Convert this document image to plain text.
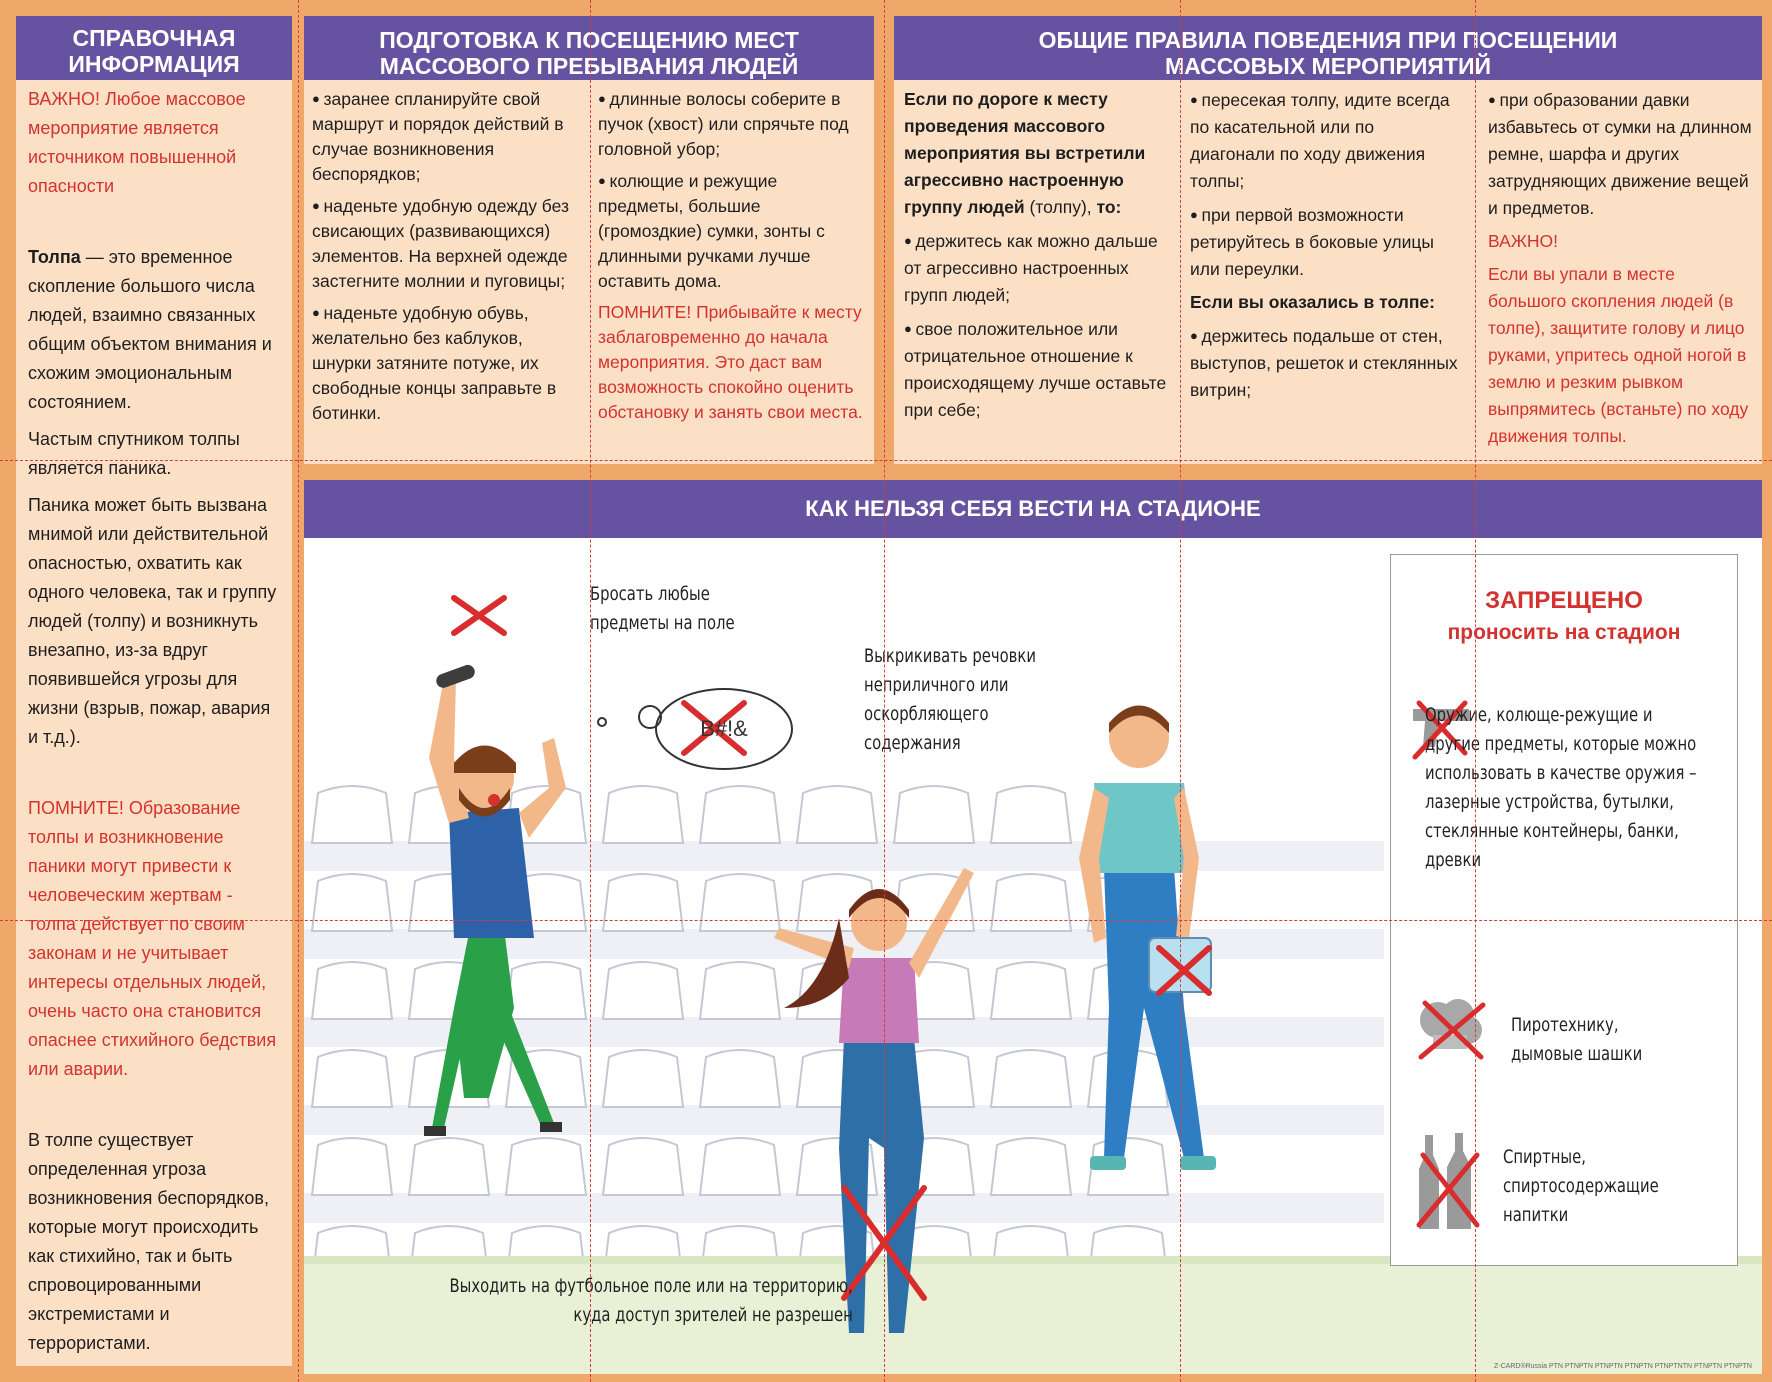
СПРАВОЧНАЯ ИНФОРМАЦИЯ

ВАЖНО! Любое массовое мероприятие является источником повышенной опасности

Толпа — это временное скопление большого числа людей, взаимно связанных общим объектом внимания и схожим эмоциональным состоянием.

Частым спутником толпы является паника.

Паника может быть вызвана мнимой или действительной опасностью, охватить как одного человека, так и группу людей (толпу) и возникнуть внезапно, из-за вдруг появившейся угрозы для жизни (взрыв, пожар, авария и т.д.).

ПОМНИТЕ! Образование толпы и возникновение паники могут привести к человеческим жертвам - толпа действует по своим законам и не учитывает интересы отдельных людей, очень часто она становится опаснее стихийного бедствия или аварии.

В толпе существует определенная угроза возникновения беспорядков, которые могут происходить как стихийно, так и быть спровоцированными экстремистами и террористами.

ПОДГОТОВКА К ПОСЕЩЕНИЮ МЕСТ МАССОВОГО ПРЕБЫВАНИЯ ЛЮДЕЙ

● заранее спланируйте свой маршрут и порядок действий в случае возникновения беспорядков;

● наденьте удобную одежду без свисающих (развивающихся) элементов. На верхней одежде застегните молнии и пуговицы;

● наденьте удобную обувь, желательно без каблуков, шнурки затяните потуже, их свободные концы заправьте в ботинки.

● длинные волосы соберите в пучок (хвост) или спрячьте под головной убор;

● колющие и режущие предметы, большие (громоздкие) сумки, зонты с длинными ручками лучше оставить дома.

ПОМНИТЕ! Прибывайте к месту заблаговременно до начала мероприятия. Это даст вам возможность спокойно оценить обстановку и занять свои места.

ОБЩИЕ ПРАВИЛА ПОВЕДЕНИЯ ПРИ ПОСЕЩЕНИИ МАССОВЫХ МЕРОПРИЯТИЙ

Если по дороге к месту проведения массового мероприятия вы встретили агрессивно настроенную группу людей (толпу), то:

● держитесь как можно дальше от агрессивно настроенных групп людей;

● свое положительное или отрицательное отношение к происходящему лучше оставьте при себе;

● пересекая толпу, идите всегда по касательной или по диагонали по ходу движения толпы;

● при первой возможности ретируйтесь в боковые улицы или переулки.

Если вы оказались в толпе:

● держитесь подальше от стен, выступов, решеток и стеклянных витрин;

● при образовании давки избавьтесь от сумки на длинном ремне, шарфа и других затрудняющих движение вещей и предметов.

ВАЖНО!

Если вы упали в месте большого скопления людей (в толпе), защитите голову и лицо руками, упритесь одной ногой в землю и резким рывком выпрямитесь (встаньте) по ходу движения толпы.

КАК НЕЛЬЗЯ СЕБЯ ВЕСТИ НА СТАДИОНЕ
Бросать любые предметы на поле
Выкрикивать речовки неприличного или оскорбляющего содержания
B#!&
Выходить на футбольное поле или на территорию, куда доступ зрителей не разрешен
ЗАПРЕЩЕНО
проносить на стадион
Оружие, колюще-режущие и другие предметы, которые можно использовать в качестве оружия – лазерные устройства, бутылки, стеклянные контейнеры, банки, древки
Пиротехнику, дымовые шашки
Спиртные, спиртосодержащие напитки
Z-CARD®Russia PTN PTNPTN PTNPTN PTNPTN PTNPTNTN PTNPTN PTNPTN
